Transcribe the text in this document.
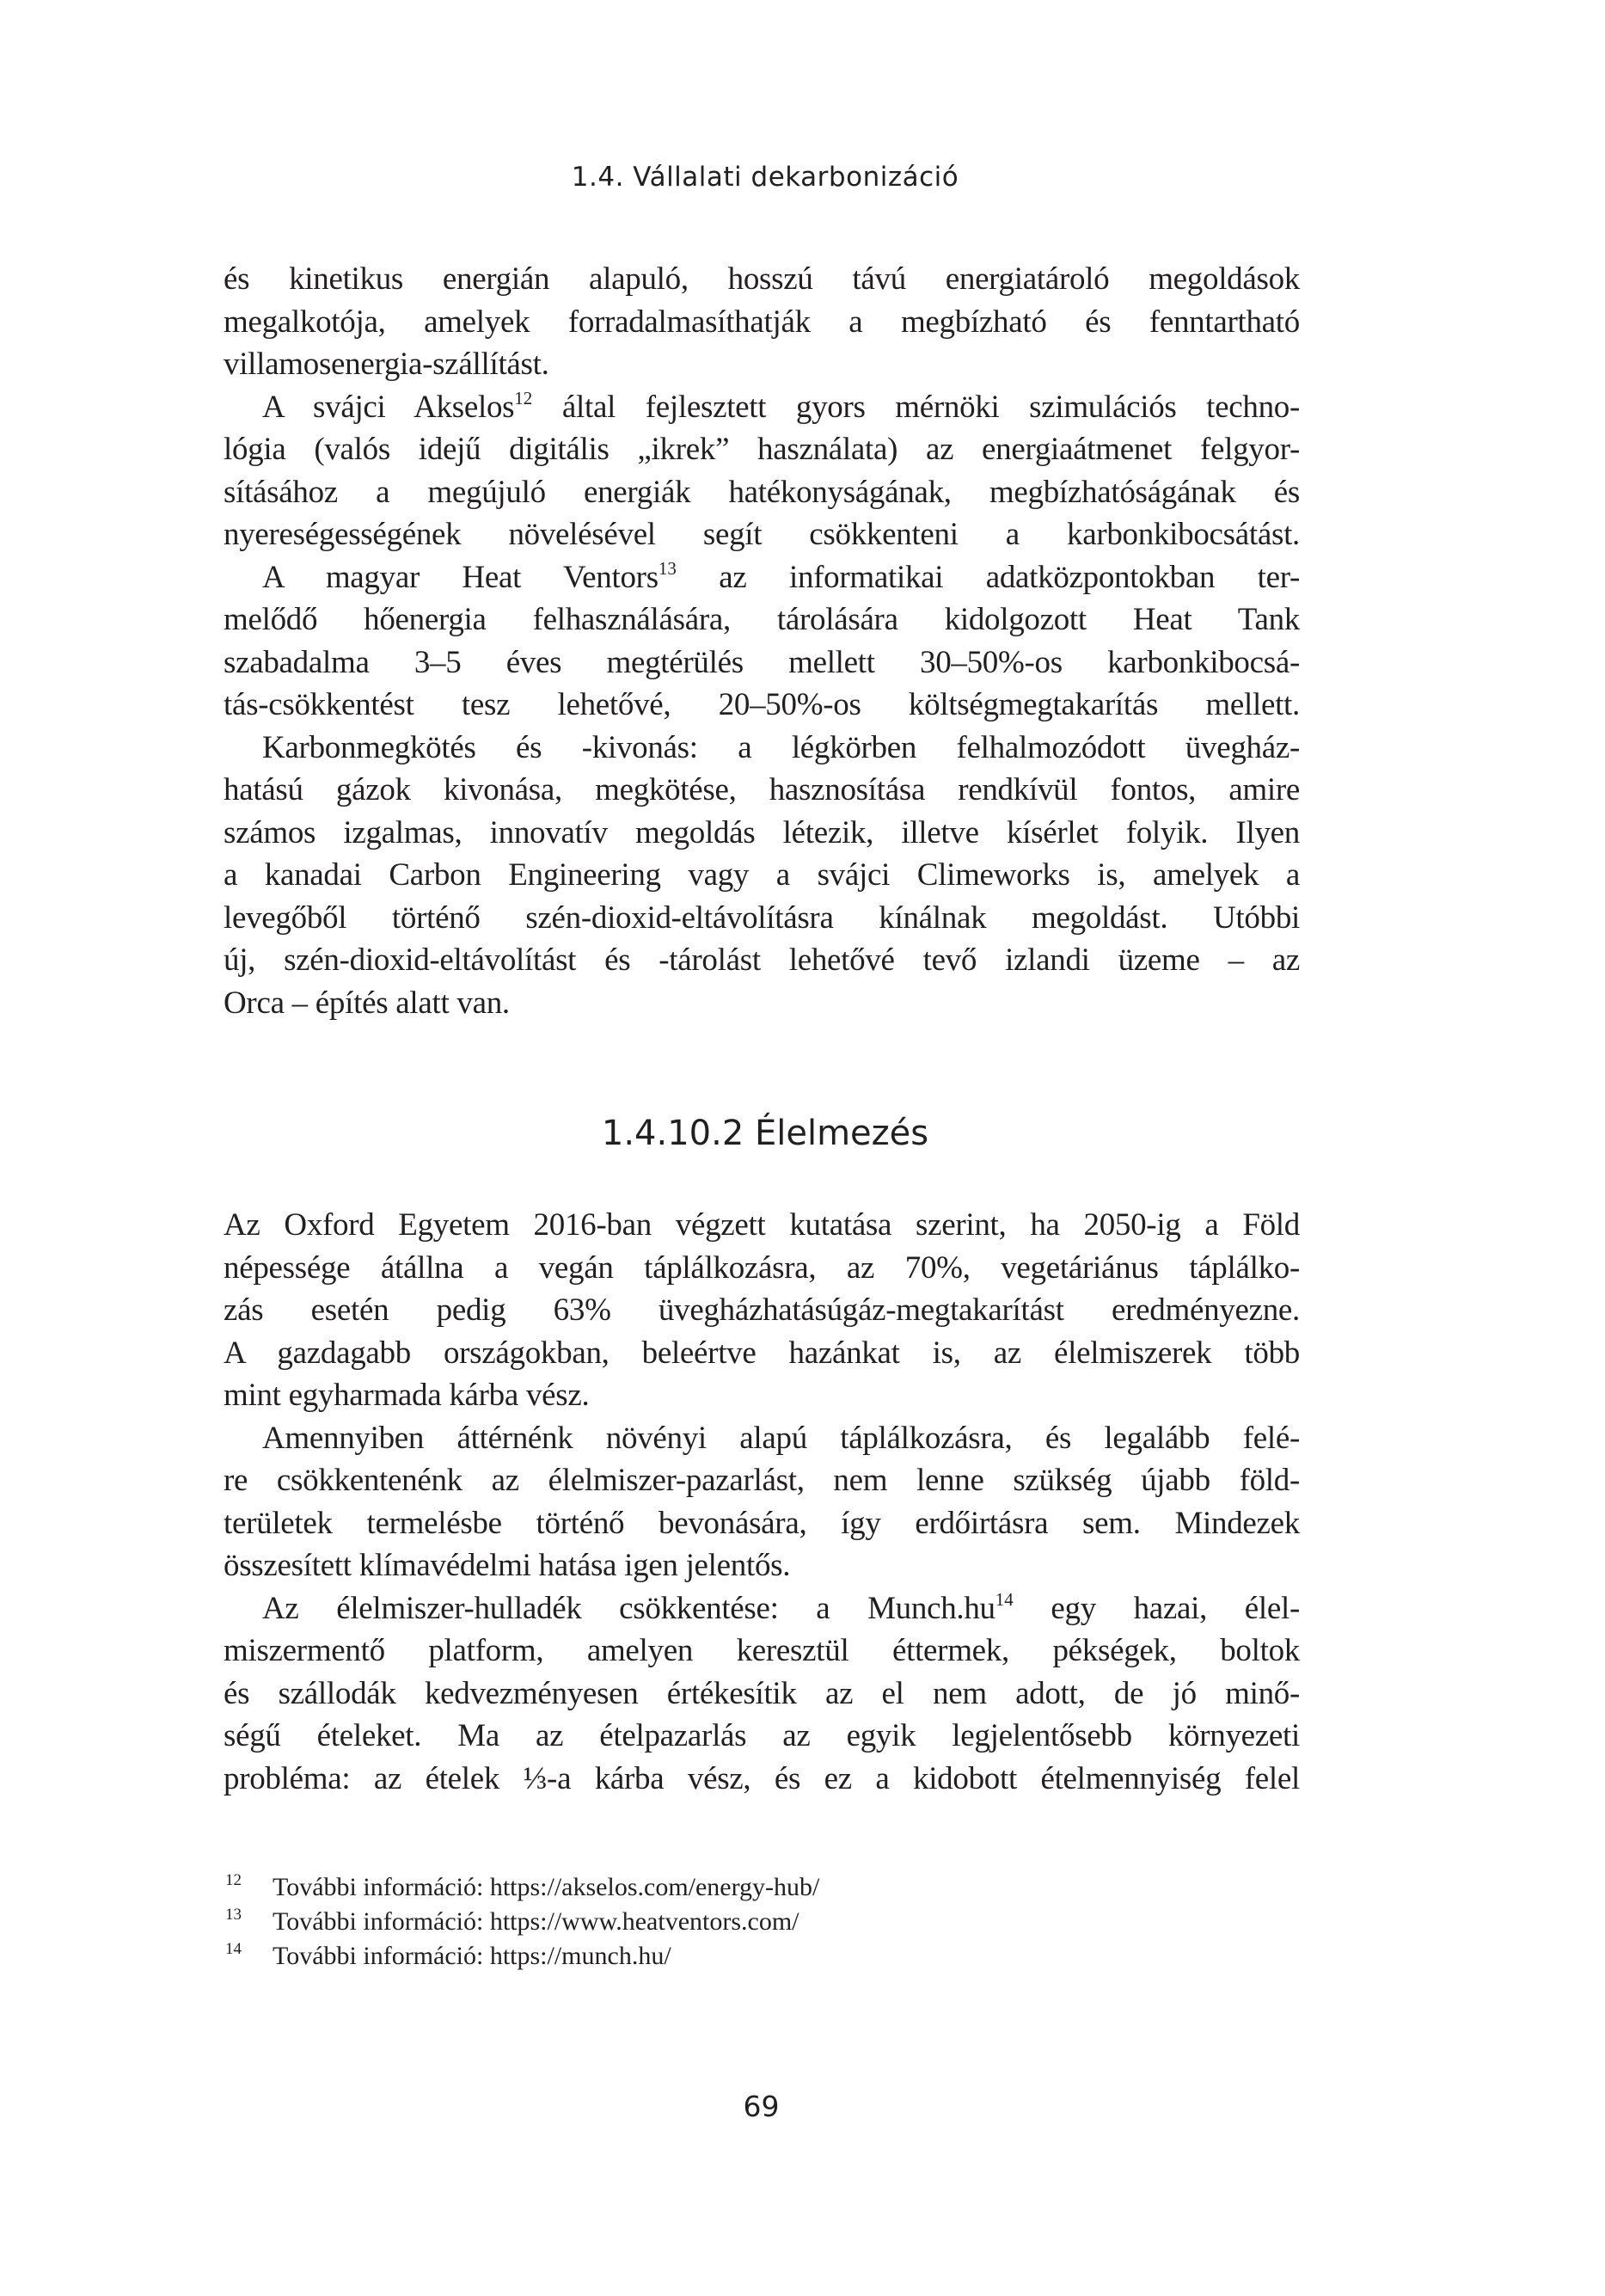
1.4. Vállalati dekarbonizáció
és kinetikus energián alapuló, hosszú távú energiatároló megoldások
megalkotója, amelyek forradalmasíthatják a megbízható és fenntartható
villamosenergia-szállítást.
A svájci Akselos$^{12}$ által fejlesztett gyors mérnöki szimulációs techno-
lógia (valós idejű digitális „ikrek” használata) az energiaátmenet felgyor-
sításához a megújuló energiák hatékonyságának, megbízhatóságának és
nyereségességének növelésével segít csökkenteni a karbonkibocsátást.
A magyar Heat Ventors$^{13}$ az informatikai adatközpontokban ter-
melődő hőenergia felhasználására, tárolására kidolgozott Heat Tank
szabadalma 3–5 éves megtérülés mellett 30–50%-os karbonkibocsá-
tás-csökkentést tesz lehetővé, 20–50%-os költségmegtakarítás mellett.
Karbonmegkötés és -kivonás: a légkörben felhalmozódott üvegház-
hatású gázok kivonása, megkötése, hasznosítása rendkívül fontos, amire
számos izgalmas, innovatív megoldás létezik, illetve kísérlet folyik. Ilyen
a kanadai Carbon Engineering vagy a svájci Climeworks is, amelyek a
levegőből történő szén-dioxid-eltávolításra kínálnak megoldást. Utóbbi
új, szén-dioxid-eltávolítást és -tárolást lehetővé tevő izlandi üzeme – az
Orca – építés alatt van.
1.4.10.2 Élelmezés
Az Oxford Egyetem 2016-ban végzett kutatása szerint, ha 2050-ig a Föld
népessége átállna a vegán táplálkozásra, az 70%, vegetáriánus táplálko-
zás esetén pedig 63% üvegházhatásúgáz-megtakarítást eredményezne.
A gazdagabb országokban, beleértve hazánkat is, az élelmiszerek több
mint egyharmada kárba vész.
Amennyiben áttérnénk növényi alapú táplálkozásra, és legalább felé-
re csökkentenénk az élelmiszer-pazarlást, nem lenne szükség újabb föld-
területek termelésbe történő bevonására, így erdőirtásra sem. Mindezek
összesített klímavédelmi hatása igen jelentős.
Az élelmiszer-hulladék csökkentése: a Munch.hu$^{14}$ egy hazai, élel-
miszermentő platform, amelyen keresztül éttermek, pékségek, boltok
és szállodák kedvezményesen értékesítik az el nem adott, de jó minő-
ségű ételeket. Ma az ételpazarlás az egyik legjelentősebb környezeti
probléma: az ételek ⅓-a kárba vész, és ez a kidobott ételmennyiség felel
12 További információ: https://akselos.com/energy-hub/
13 További információ: https://www.heatventors.com/
14 További információ: https://munch.hu/
69
